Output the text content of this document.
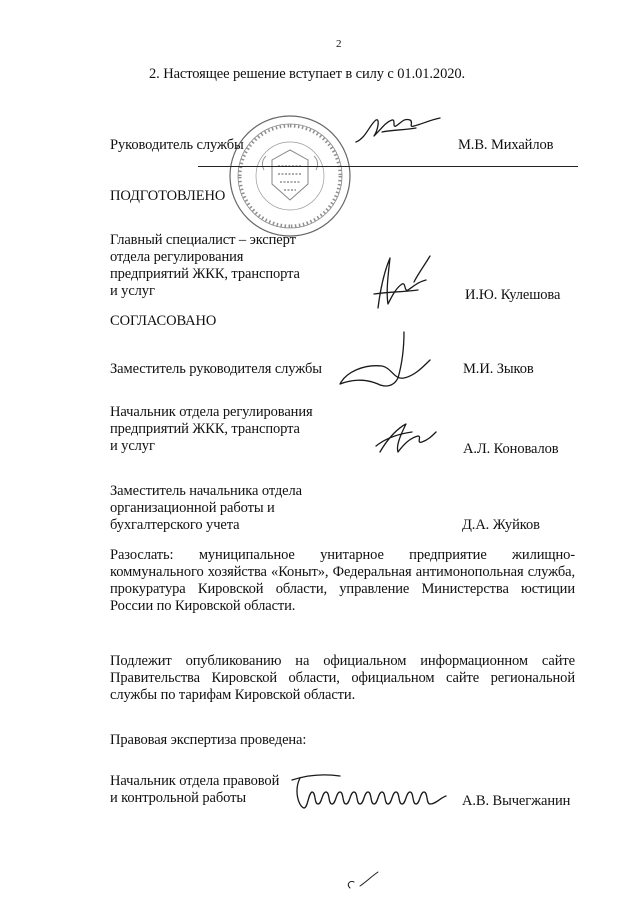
2
2. Настоящее решение вступает в силу с 01.01.2020.
Руководитель службы	М.В. Михайлов
ПОДГОТОВЛЕНО
Главный специалист – эксперт
отдела регулирования
предприятий ЖКК, транспорта
и услуг	И.Ю. Кулешова
СОГЛАСОВАНО
Заместитель руководителя службы	М.И. Зыков
Начальник отдела регулирования
предприятий ЖКК, транспорта
и услуг	А.Л. Коновалов
Заместитель начальника отдела
организационной работы и
бухгалтерского учета	Д.А. Жуйков
Разослать: муниципальное унитарное предприятие жилищно-коммунального хозяйства «Коныт», Федеральная антимонопольная служба, прокуратура Кировской области, управление Министерства юстиции России по Кировской области.
Подлежит опубликованию на официальном информационном сайте Правительства Кировской области, официальном сайте региональной службы по тарифам Кировской области.
Правовая экспертиза проведена:
Начальник отдела правовой
и контрольной работы	А.В. Вычегжанин
